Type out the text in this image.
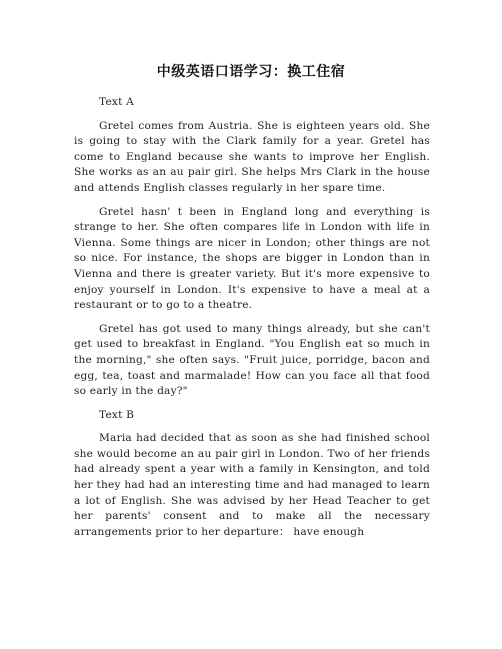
中级英语口语学习：换工住宿

Text A

Gretel comes from Austria. She is eighteen years old. She is going to stay with the Clark family for a year. Gretel has come to England because she wants to improve her English. She works as an au pair girl. She helps Mrs Clark in the house and attends English classes regularly in her spare time.

Gretel hasn' t been in England long and everything is strange to her. She often compares life in London with life in Vienna. Some things are nicer in London; other things are not so nice. For instance, the shops are bigger in London than in Vienna and there is greater variety. But it's more expensive to enjoy yourself in London. It's expensive to have a meal at a restaurant or to go to a theatre.

Gretel has got used to many things already, but she can't get used to breakfast in England. "You English eat so much in the morning," she often says. "Fruit juice, porridge, bacon and egg, tea, toast and marmalade! How can you face all that food so early in the day?"

Text B

Maria had decided that as soon as she had finished school she would become an au pair girl in London. Two of her friends had already spent a year with a family in Kensington, and told her they had had an interesting time and had managed to learn a lot of English. She was advised by her Head Teacher to get her parents' consent and to make all the necessary arrangements prior to her departure： have enough
